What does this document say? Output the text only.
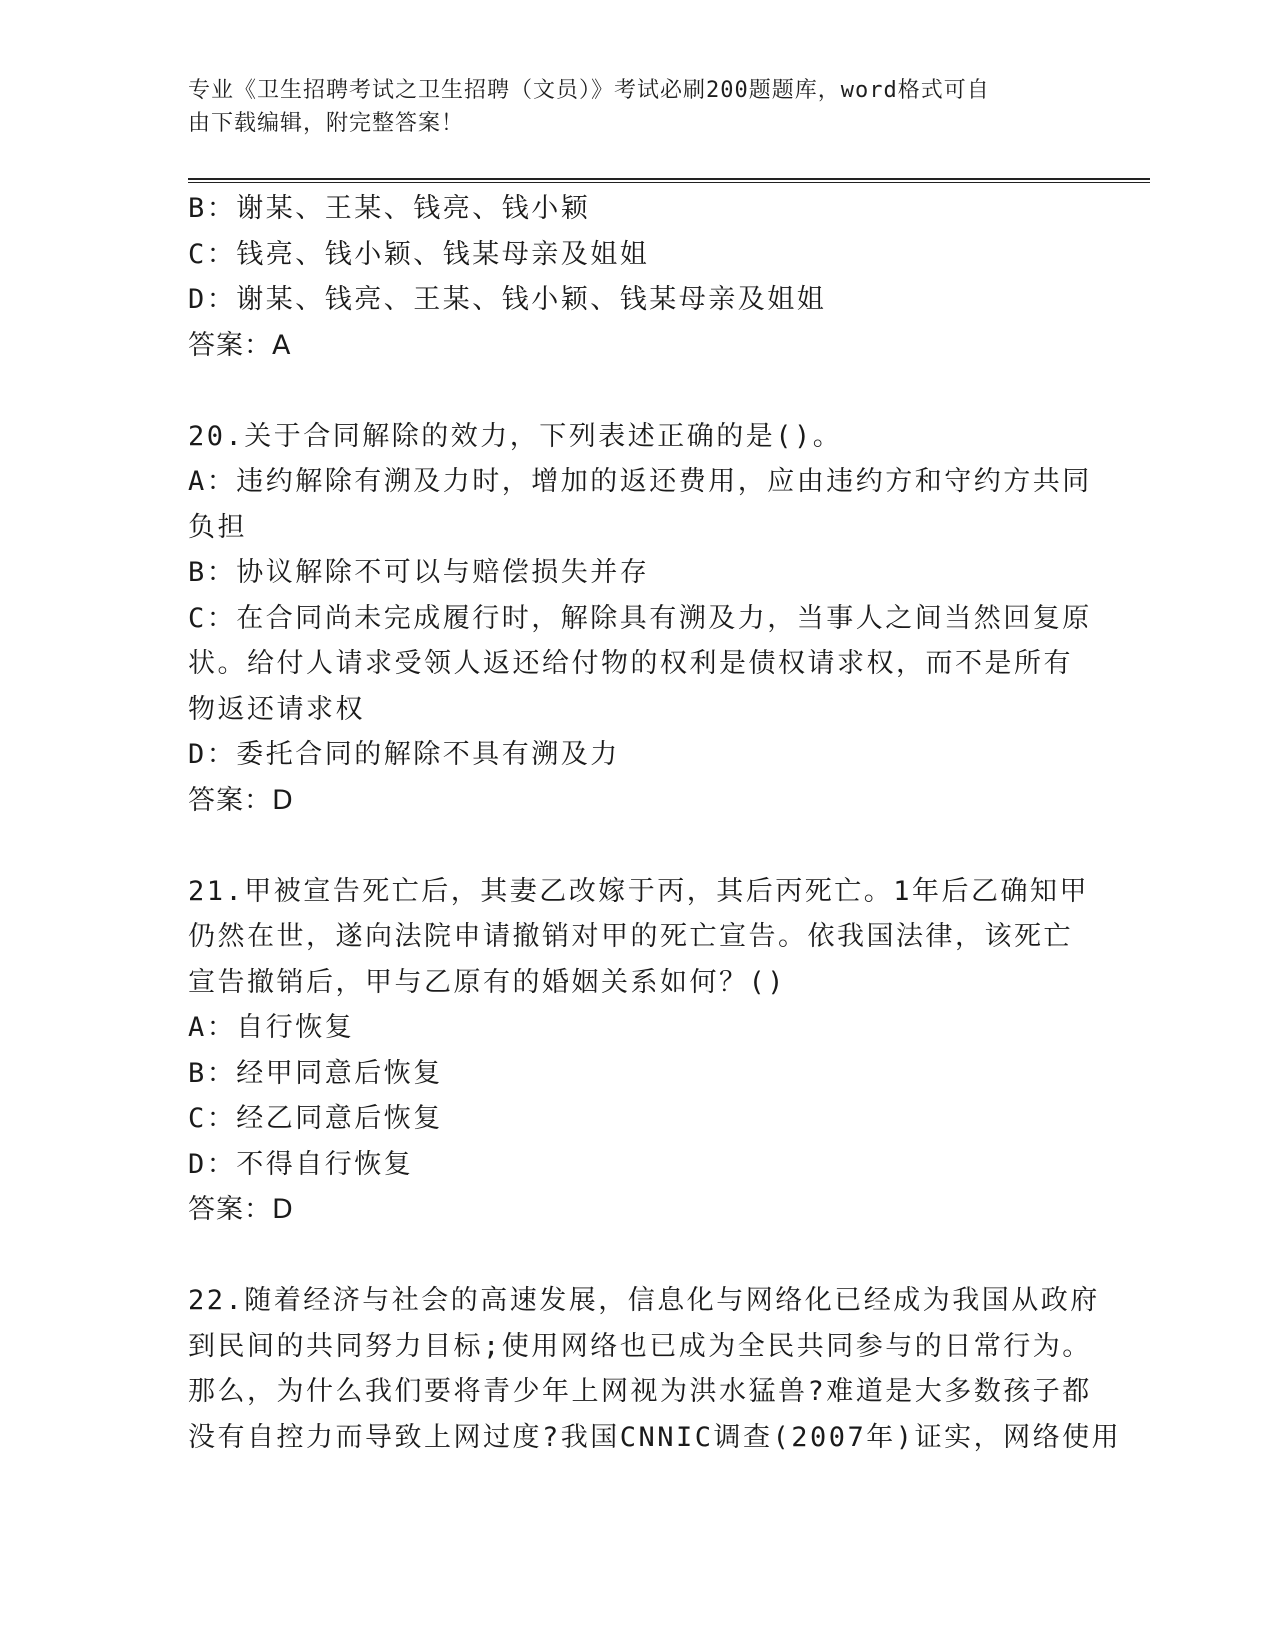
专业《卫生招聘考试之卫生招聘（文员）》考试必刷200题题库，word格式可自
由下载编辑，附完整答案！
B：谢某、王某、钱亮、钱小颖
C：钱亮、钱小颖、钱某母亲及姐姐
D：谢某、钱亮、王某、钱小颖、钱某母亲及姐姐
答案：A
20.关于合同解除的效力，下列表述正确的是()。
A：违约解除有溯及力时，增加的返还费用，应由违约方和守约方共同
负担
B：协议解除不可以与赔偿损失并存
C：在合同尚未完成履行时，解除具有溯及力，当事人之间当然回复原
状。给付人请求受领人返还给付物的权利是债权请求权，而不是所有
物返还请求权
D：委托合同的解除不具有溯及力
答案：D
21.甲被宣告死亡后，其妻乙改嫁于丙，其后丙死亡。1年后乙确知甲
仍然在世，遂向法院申请撤销对甲的死亡宣告。依我国法律，该死亡
宣告撤销后，甲与乙原有的婚姻关系如何？()
A：自行恢复
B：经甲同意后恢复
C：经乙同意后恢复
D：不得自行恢复
答案：D
22.随着经济与社会的高速发展，信息化与网络化已经成为我国从政府
到民间的共同努力目标;使用网络也已成为全民共同参与的日常行为。
那么，为什么我们要将青少年上网视为洪水猛兽?难道是大多数孩子都
没有自控力而导致上网过度?我国CNNIC调查(2007年)证实，网络使用
